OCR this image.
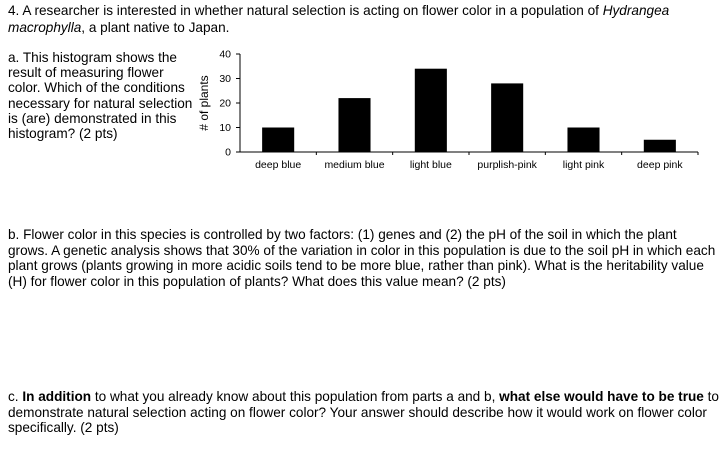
4. A researcher is interested in whether natural selection is acting on flower color in a population of Hydrangea macrophylla, a plant native to Japan.
a. This histogram shows the result of measuring flower color. Which of the conditions necessary for natural selection is (are) demonstrated in this histogram? (2 pts)
0
10
20
30
40
# of plants
deep blue medium blue light blue purplish-pink light pink	deep pink
b. Flower color in this species is controlled by two factors: (1) genes and (2) the pH of the soil in which the plant grows. A genetic analysis shows that 30% of the variation in color in this population is due to the soil pH in which each plant grows (plants growing in more acidic soils tend to be more blue, rather than pink). What is the heritability value (H) for flower color in this population of plants? What does this value mean? (2 pts)
c. In addition to what you already know about this population from parts a and b, what else would have to be true to demonstrate natural selection acting on flower color? Your answer should describe how it would work on flower color specifically. (2 pts)
